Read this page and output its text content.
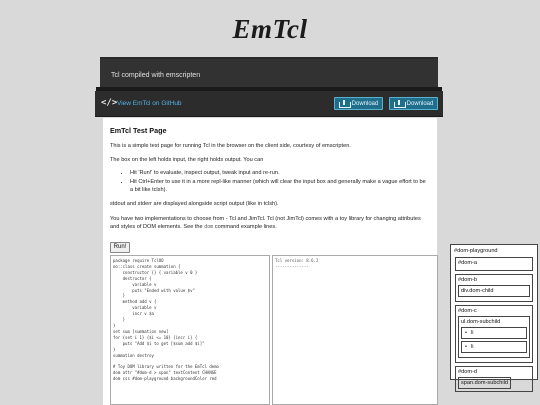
EmTcl
Tcl compiled with emscripten
</> View EmTcl on GitHub	Download	Download
EmTcl Test Page

This is a simple test page for running Tcl in the browser on the client side, courtesy of emscripten.

The box on the left holds input, the right holds output. You can

• Hit 'Run!' to evaluate, inspect output, tweak input and re-run.
• Hit Ctrl+Enter to use it in a more repl-like manner (which will clear the input box and generally make a vague effort to be a bit like tclsh).

stdout and stderr are displayed alongside script output (like in tclsh).

You have two implementations to choose from - Tcl and JimTcl. Tcl (not JimTcl) comes with a toy library for changing attributes and styles of DOM elements. See the dom command example lines.

Run!
package require TclOO
oo::class create summation {
constructor {} { variable v 0 }
destructor {
variable v
puts "Ended with value $v"
}
method add v {
variable v
incr v $a
}
}
set sum [summation new]
for {set i 1} {$i <= 10} {incr i} {
puts "Add $i to get [$sum add $i]"
}
summation destroy

# Toy DOM library written for the EmTcl demo
dom attr "#dom-d > span" textContent CHANGE
dom css #dom-playground backgroundColor red
Tcl version: 8.6.2
--------------
#dom-playground
#dom-a
#dom-b
div.dom-child
#dom-c
ul.dom-subchild
• li
• li
#dom-d
span.dom-subchild
